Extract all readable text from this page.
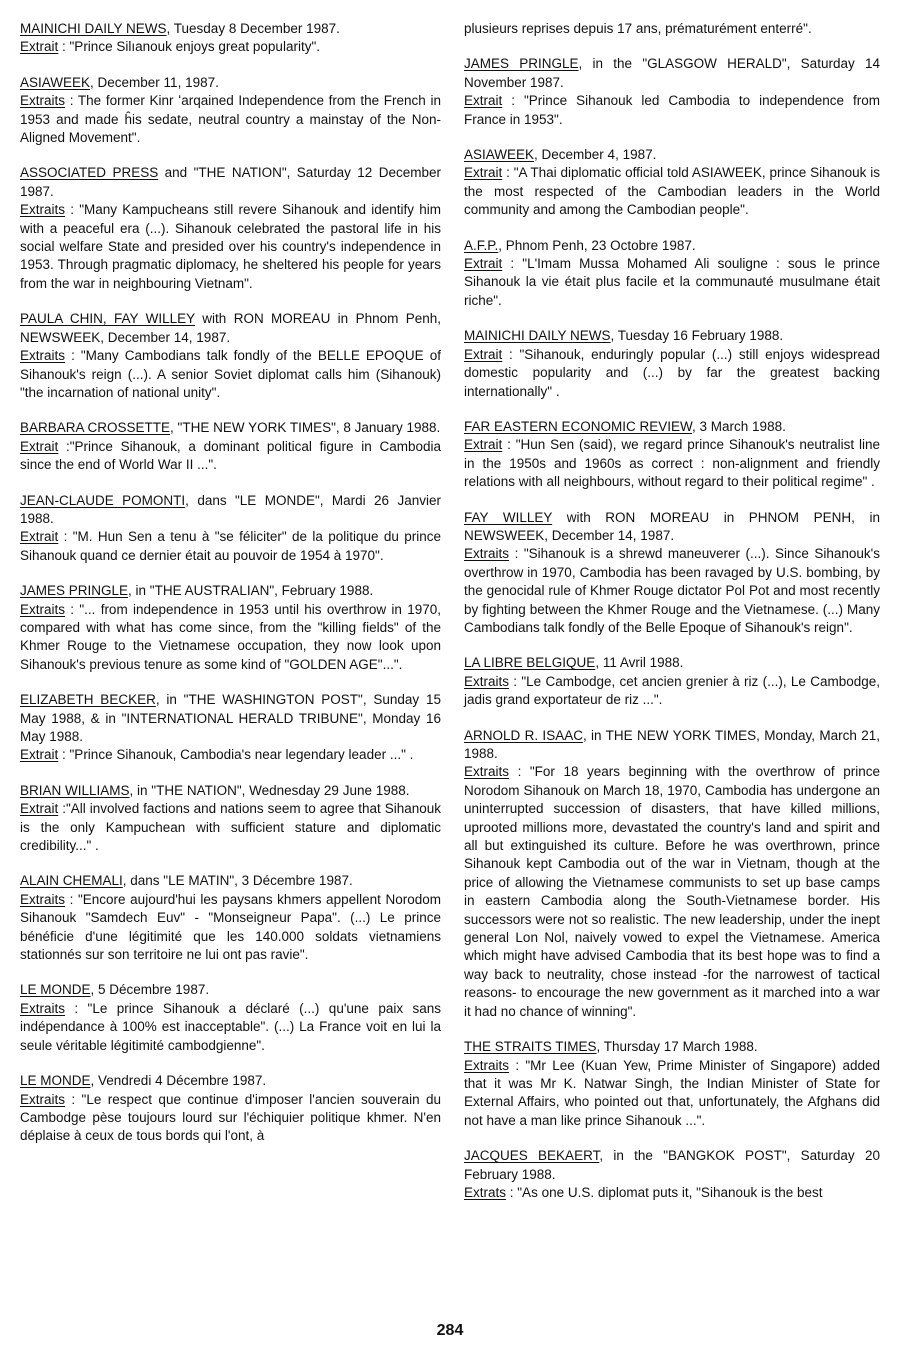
MAINICHI DAILY NEWS, Tuesday 8 December 1987.
Extrait : "Prince Silıanouk enjoys great popularity".

ASIAWEEK, December 11, 1987.
Extraits : The former Kinr ʻarqained Independence from the French in 1953 and made ĥis sedate, neutral country a mainstay of the Non-Aligned Movement".

ASSOCIATED PRESS and "THE NATION", Saturday 12 December 1987.
Extraits : "Many Kampucheans still revere Sihanouk and identify him with a peaceful era (...). Sihanouk celebrated the pastoral life in his social welfare State and presided over his country's independence in 1953. Through pragmatic diplomacy, he sheltered his people for years from the war in neighbouring Vietnam".

PAULA CHIN, FAY WILLEY with RON MOREAU in Phnom Penh, NEWSWEEK, December 14, 1987.
Extraits : "Many Cambodians talk fondly of the BELLE EPOQUE of Sihanouk's reign (...). A senior Soviet diplomat calls him (Sihanouk) "the incarnation of national unity".

BARBARA CROSSETTE, "THE NEW YORK TIMES", 8 January 1988.
Extrait :"Prince Sihanouk, a dominant political figure in Cambodia since the end of World War II ...".

JEAN-CLAUDE POMONTI, dans "LE MONDE", Mardi 26 Janvier 1988.
Extrait : "M. Hun Sen a tenu à "se féliciter" de la politique du prince Sihanouk quand ce dernier était au pouvoir de 1954 à 1970".

JAMES PRINGLE, in "THE AUSTRALIAN", February 1988.
Extraits : "... from independence in 1953 until his overthrow in 1970, compared with what has come since, from the "killing fields" of the Khmer Rouge to the Vietnamese occupation, they now look upon Sihanouk's previous tenure as some kind of "GOLDEN AGE"...".

ELIZABETH BECKER, in "THE WASHINGTON POST", Sunday 15 May 1988, & in "INTERNATIONAL HERALD TRIBUNE", Monday 16 May 1988.
Extrait : "Prince Sihanouk, Cambodia's near legendary leader ..." .

BRIAN WILLIAMS, in "THE NATION", Wednesday 29 June 1988.
Extrait :"All involved factions and nations seem to agree that Sihanouk is the only Kampuchean with sufficient stature and diplomatic credibility..." .

ALAIN CHEMALI, dans "LE MATIN", 3 Décembre 1987.
Extraits : "Encore aujourd'hui les paysans khmers appellent Norodom Sihanouk "Samdech Euv" - "Monseigneur Papa". (...) Le prince bénéficie d'une légitimité que les 140.000 soldats vietnamiens stationnés sur son territoire ne lui ont pas ravie".

LE MONDE, 5 Décembre 1987.
Extraits : "Le prince Sihanouk a déclaré (...) qu'une paix sans indépendance à 100% est inacceptable". (...) La France voit en lui la seule véritable légitimité cambodgienne".

LE MONDE, Vendredi 4 Décembre 1987.
Extraits : "Le respect que continue d'imposer l'ancien souverain du Cambodge pèse toujours lourd sur l'échiquier politique khmer. N'en déplaise à ceux de tous bords qui l'ont, à

plusieurs reprises depuis 17 ans, prématurément enterré".

JAMES PRINGLE, in the "GLASGOW HERALD", Saturday 14 November 1987.
Extrait : "Prince Sihanouk led Cambodia to independence from France in 1953".

ASIAWEEK, December 4, 1987.
Extrait : "A Thai diplomatic official told ASIAWEEK, prince Sihanouk is the most respected of the Cambodian leaders in the World community and among the Cambodian people".

A.F.P., Phnom Penh, 23 Octobre 1987.
Extrait : "L'Imam Mussa Mohamed Ali souligne : sous le prince Sihanouk la vie était plus facile et la communauté musulmane était riche".

MAINICHI DAILY NEWS, Tuesday 16 February 1988.
Extrait : "Sihanouk, enduringly popular (...) still enjoys widespread domestic popularity and (...) by far the greatest backing internationally" .

FAR EASTERN ECONOMIC REVIEW, 3 March 1988.
Extrait : "Hun Sen (said), we regard prince Sihanouk's neutralist line in the 1950s and 1960s as correct : non-alignment and friendly relations with all neighbours, without regard to their political regime" .

FAY WILLEY with RON MOREAU in PHNOM PENH, in NEWSWEEK, December 14, 1987.
Extraits : "Sihanouk is a shrewd maneuverer (...). Since Sihanouk's overthrow in 1970, Cambodia has been ravaged by U.S. bombing, by the genocidal rule of Khmer Rouge dictator Pol Pot and most recently by fighting between the Khmer Rouge and the Vietnamese. (...) Many Cambodians talk fondly of the Belle Epoque of Sihanouk's reign".

LA LIBRE BELGIQUE, 11 Avril 1988.
Extraits : "Le Cambodge, cet ancien grenier à riz (...), Le Cambodge, jadis grand exportateur de riz ...".

ARNOLD R. ISAAC, in THE NEW YORK TIMES, Monday, March 21, 1988.
Extraits : "For 18 years beginning with the overthrow of prince Norodom Sihanouk on March 18, 1970, Cambodia has undergone an uninterrupted succession of disasters, that have killed millions, uprooted millions more, devastated the country's land and spirit and all but extinguished its culture. Before he was overthrown, prince Sihanouk kept Cambodia out of the war in Vietnam, though at the price of allowing the Vietnamese communists to set up base camps in eastern Cambodia along the South-Vietnamese border. His successors were not so realistic. The new leadership, under the inept general Lon Nol, naively vowed to expel the Vietnamese. America which might have advised Cambodia that its best hope was to find a way back to neutrality, chose instead -for the narrowest of tactical reasons- to encourage the new government as it marched into a war it had no chance of winning".

THE STRAITS TIMES, Thursday 17 March 1988.
Extraits : "Mr Lee (Kuan Yew, Prime Minister of Singapore) added that it was Mr K. Natwar Singh, the Indian Minister of State for External Affairs, who pointed out that, unfortunately, the Afghans did not have a man like prince Sihanouk ...".

JACQUES BEKAERT, in the "BANGKOK POST", Saturday 20 February 1988.
Extrats : "As one U.S. diplomat puts it, "Sihanouk is the best

284
